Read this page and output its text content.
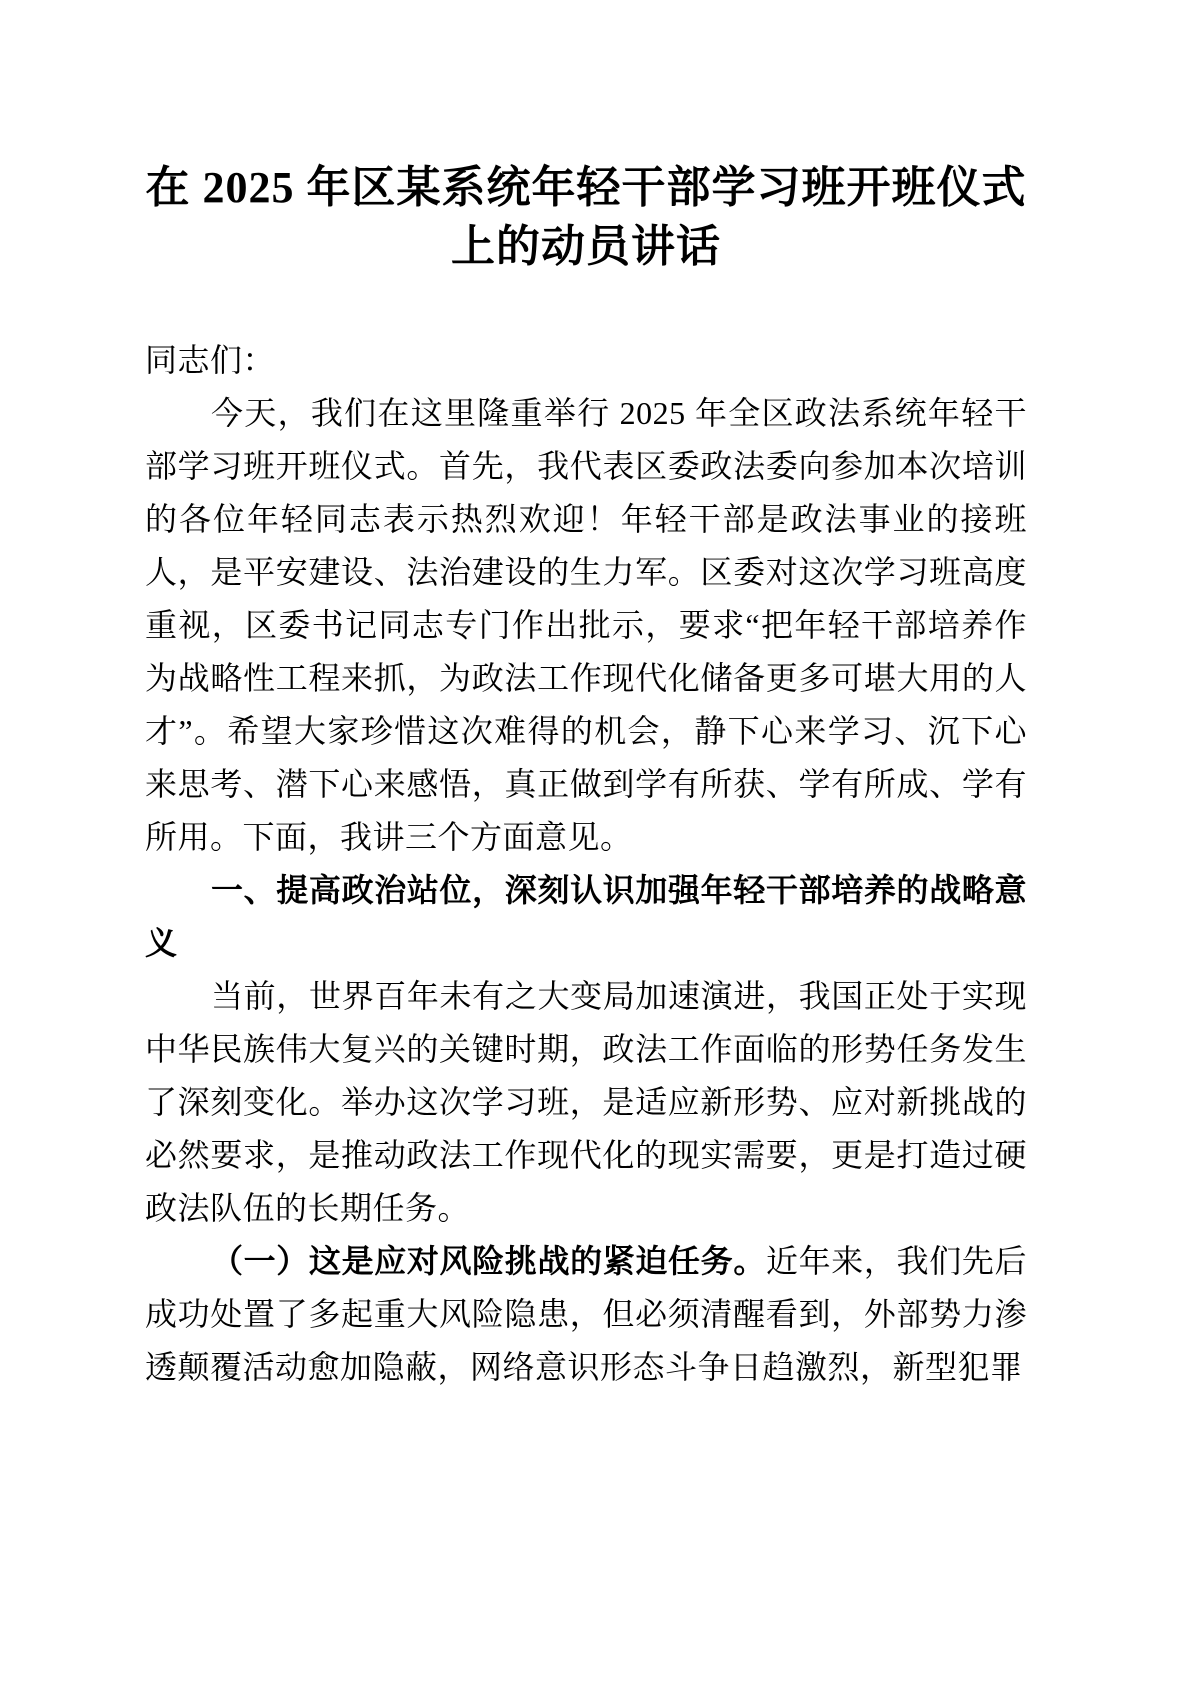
在 2025 年区某系统年轻干部学习班开班仪式
上的动员讲话

同志们：

今天，我们在这里隆重举行 2025 年全区政法系统年轻干部学习班开班仪式。首先，我代表区委政法委向参加本次培训的各位年轻同志表示热烈欢迎！年轻干部是政法事业的接班人，是平安建设、法治建设的生力军。区委对这次学习班高度重视，区委书记同志专门作出批示，要求“把年轻干部培养作为战略性工程来抓，为政法工作现代化储备更多可堪大用的人才”。希望大家珍惜这次难得的机会，静下心来学习、沉下心来思考、潜下心来感悟，真正做到学有所获、学有所成、学有所用。下面，我讲三个方面意见。

一、提高政治站位，深刻认识加强年轻干部培养的战略意义

当前，世界百年未有之大变局加速演进，我国正处于实现中华民族伟大复兴的关键时期，政法工作面临的形势任务发生了深刻变化。举办这次学习班，是适应新形势、应对新挑战的必然要求，是推动政法工作现代化的现实需要，更是打造过硬政法队伍的长期任务。

（一）这是应对风险挑战的紧迫任务。近年来，我们先后成功处置了多起重大风险隐患，但必须清醒看到，外部势力渗透颠覆活动愈加隐蔽，网络意识形态斗争日趋激烈，新型犯罪
